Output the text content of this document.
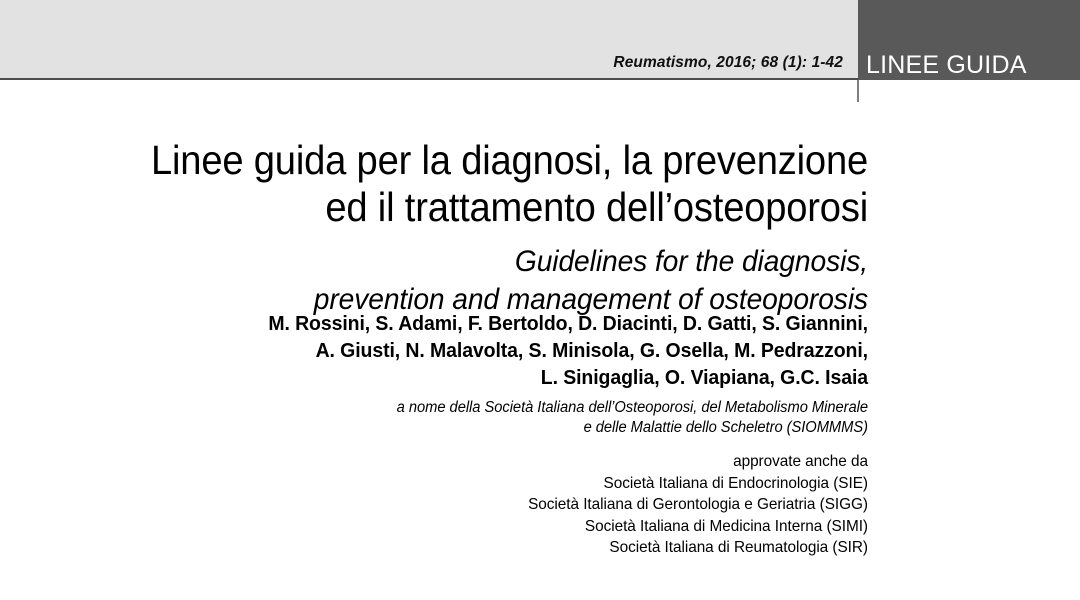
Reumatismo, 2016; 68 (1): 1-42 LINEE GUIDA
Linee guida per la diagnosi, la prevenzione
ed il trattamento dell’osteoporosi
Guidelines for the diagnosis,
prevention and management of osteoporosis
M. Rossini, S. Adami, F. Bertoldo, D. Diacinti, D. Gatti, S. Giannini,
A. Giusti, N. Malavolta, S. Minisola, G. Osella, M. Pedrazzoni,
L. Sinigaglia, O. Viapiana, G.C. Isaia
a nome della Società Italiana dell’Osteoporosi, del Metabolismo Minerale
e delle Malattie dello Scheletro (SIOMMMS)
approvate anche da
Società Italiana di Endocrinologia (SIE)
Società Italiana di Gerontologia e Geriatria (SIGG)
Società Italiana di Medicina Interna (SIMI)
Società Italiana di Reumatologia (SIR)
